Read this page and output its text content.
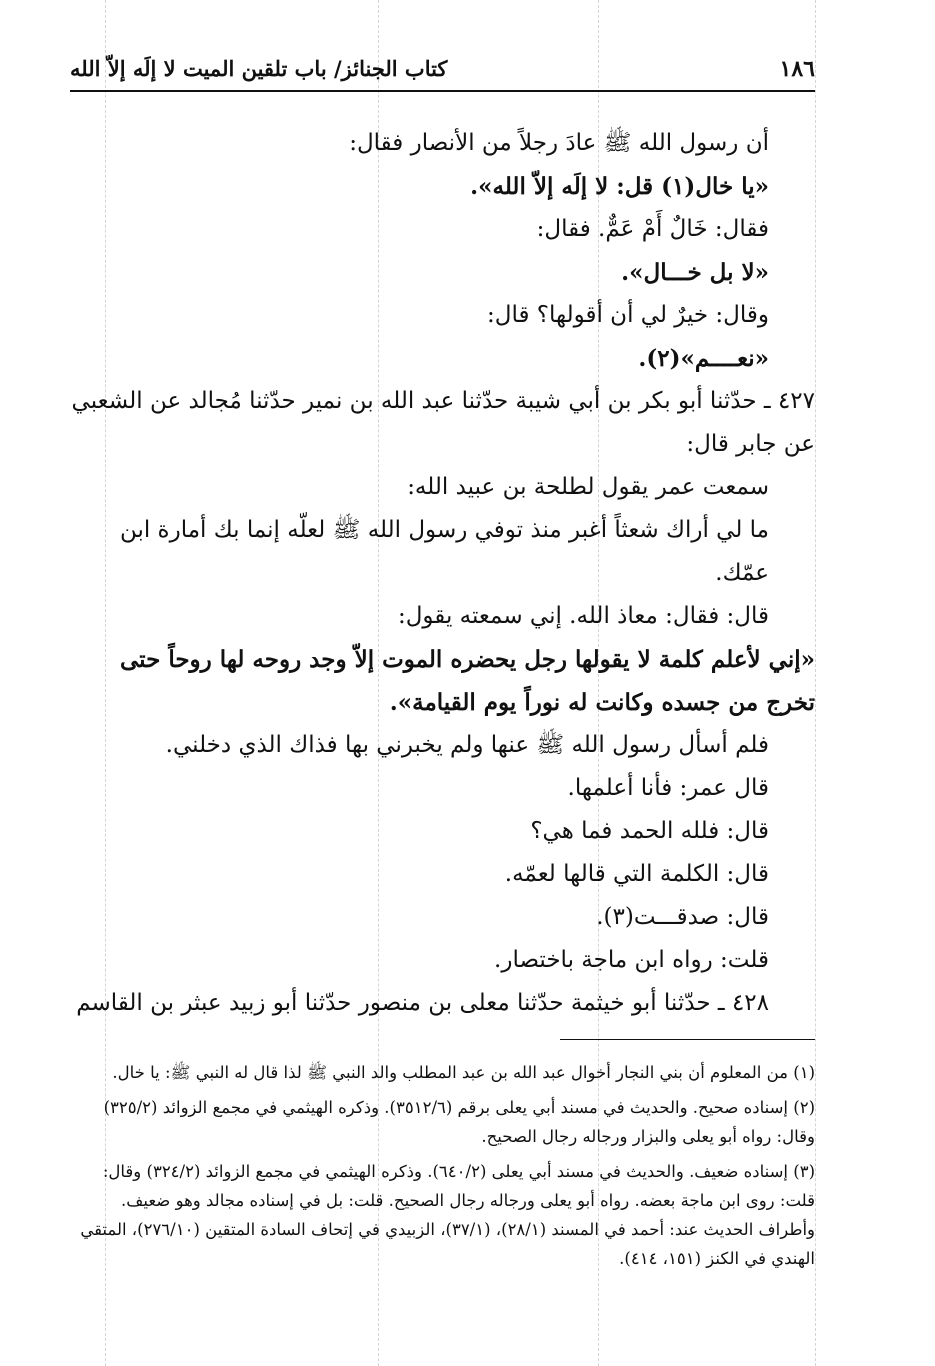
١٨٦
كتاب الجنائز/ باب تلقين الميت لا إلَه إلاّ الله

أن رسول الله ﷺ عادَ رجلاً من الأنصار فقال:

«يا خال(١) قل: لا إلَه إلاّ الله».

فقال: خَالٌ أَمْ عَمٌّ. فقال:

«لا بل خـــال».

وقال: خيرٌ لي أن أقولها؟ قال:

«نعــــم»(٢).

٤٢٧ ـ حدّثنا أبو بكر بن أبي شيبة حدّثنا عبد الله بن نمير حدّثنا مُجالد عن الشعبي عن جابر قال:

سمعت عمر يقول لطلحة بن عبيد الله:

ما لي أراك شعثاً أغبر منذ توفي رسول الله ﷺ لعلّه إنما بك أمارة ابن عمّك.

قال: فقال: معاذ الله. إني سمعته يقول:

«إني لأعلم كلمة لا يقولها رجل يحضره الموت إلاّ وجد روحه لها روحاً حتى تخرج من جسده وكانت له نوراً يوم القيامة».

فلم أسأل رسول الله ﷺ عنها ولم يخبرني بها فذاك الذي دخلني.

قال عمر: فأنا أعلمها.

قال: فلله الحمد فما هي؟

قال: الكلمة التي قالها لعمّه.

قال: صدقـــت(٣).

قلت: رواه ابن ماجة باختصار.

٤٢٨ ـ حدّثنا أبو خيثمة حدّثنا معلى بن منصور حدّثنا أبو زبيد عبثر بن القاسم

(١) من المعلوم أن بني النجار أخوال عبد الله بن عبد المطلب والد النبي ﷺ لذا قال له النبي ﷺ: يا خال.

(٢) إسناده صحيح. والحديث في مسند أبي يعلى برقم (٣٥١٢/٦). وذكره الهيثمي في مجمع الزوائد (٣٢٥/٢) وقال: رواه أبو يعلى والبزار ورجاله رجال الصحيح.

(٣) إسناده ضعيف. والحديث في مسند أبي يعلى (٦٤٠/٢). وذكره الهيثمي في مجمع الزوائد (٣٢٤/٢) وقال: قلت: روى ابن ماجة بعضه. رواه أبو يعلى ورجاله رجال الصحيح. قلت: بل في إسناده مجالد وهو ضعيف. وأطراف الحديث عند: أحمد في المسند (٢٨/١)، (٣٧/١)، الزبيدي في إتحاف السادة المتقين (٢٧٦/١٠)، المتقي الهندي في الكنز (١٥١، ٤١٤).
